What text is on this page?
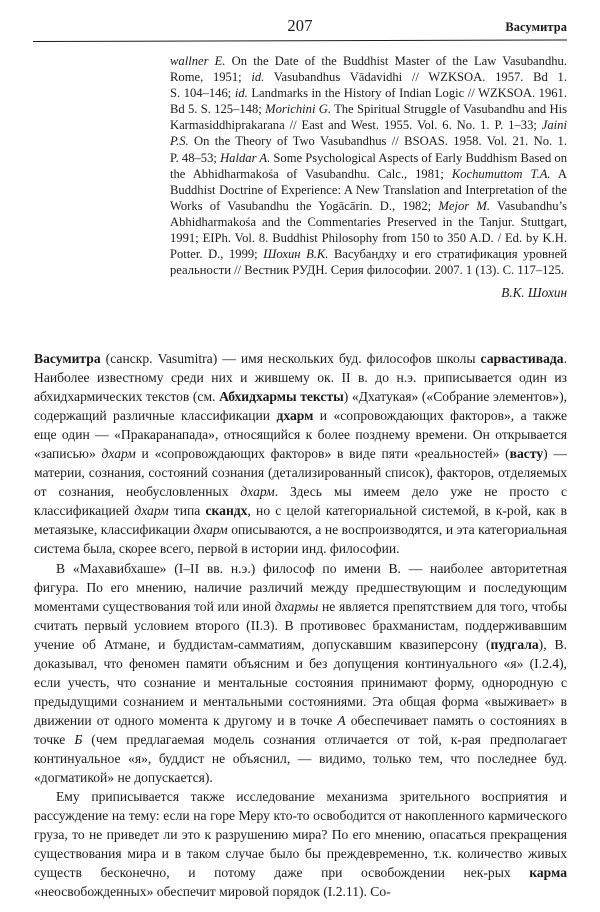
207	Васумитра

wallner E. On the Date of the Buddhist Master of the Law Vasubandhu. Rome, 1951; id. Vasubandhus Vādavidhi // WZKSOA. 1957. Bd 1. S. 104–146; id. Landmarks in the History of Indian Logic // WZKSOA. 1961. Bd 5. S. 125–148; Morichini G. The Spiritual Struggle of Vasubandhu and His Karmasiddhiprakarana // East and West. 1955. Vol. 6. No. 1. P. 1–33; Jaini P.S. On the Theory of Two Vasubandhus // BSOAS. 1958. Vol. 21. No. 1. P. 48–53; Haldar A. Some Psychological Aspects of Early Buddhism Based on the Abhidharmakośa of Vasubandhu. Calc., 1981; Kochumuttom T.A. A Buddhist Doctrine of Experience: A New Translation and Interpretation of the Works of Vasubandhu the Yogācārin. D., 1982; Mejor M. Vasubandhu’s Abhidharmakośa and the Commentaries Preserved in the Tanjur. Stuttgart, 1991; EIPh. Vol. 8. Buddhist Philosophy from 150 to 350 A.D. / Ed. by K.H. Potter. D., 1999; Шохин В.К. Васубандху и его стратификация уровней реальности // Вестник РУДН. Серия философии. 2007. 1 (13). С. 117–125.

В.К. Шохин

Васумитра (санскр. Vasumitra) — имя нескольких буд. философов школы сарвастивада. Наиболее известному среди них и жившему ок. II в. до н.э. приписывается один из абхидхармических текстов (см. Абхидхармы тексты) «Дхатукая» («Собрание элементов»), содержащий различные классификации дхарм и «сопровождающих факторов», а также еще один — «Пракаранапада», относящийся к более позднему времени. Он открывается «записью» дхарм и «сопровождающих факторов» в виде пяти «реальностей» (васту) — материи, сознания, состояний сознания (детализированный список), факторов, отделяемых от сознания, необусловленных дхарм. Здесь мы имеем дело уже не просто с классификацией дхарм типа скандх, но с целой категориальной системой, в к-рой, как в метаязыке, классификации дхарм описываются, а не воспроизводятся, и эта категориальная система была, скорее всего, первой в истории инд. философии.

В «Махавибхаше» (I–II вв. н.э.) философ по имени В. — наиболее авторитетная фигура. По его мнению, наличие различий между предшествующим и последующим моментами существования той или иной дхармы не является препятствием для того, чтобы считать первый условием второго (II.3). В противовес брахманистам, поддерживавшим учение об Атмане, и буддистам-самматиям, допускавшим квазиперсону (пудгала), В. доказывал, что феномен памяти объясним и без допущения континуального «я» (I.2.4), если учесть, что сознание и ментальные состояния принимают форму, однородную с предыдущими сознанием и ментальными состояниями. Эта общая форма «выживает» в движении от одного момента к другому и в точке А обеспечивает память о состояниях в точке Б (чем предлагаемая модель сознания отличается от той, к-рая предполагает континуальное «я», буддист не объяснил, — видимо, только тем, что последнее буд. «догматикой» не допускается).

Ему приписывается также исследование механизма зрительного восприятия и рассуждение на тему: если на горе Меру кто-то освободится от накопленного кармического груза, то не приведет ли это к разрушению мира? По его мнению, опасаться прекращения существования мира и в таком случае было бы преждевременно, т.к. количество живых существ бесконечно, и потому даже при освобождении нек-рых карма «неосвобожденных» обеспечит мировой порядок (I.2.11). Со-
